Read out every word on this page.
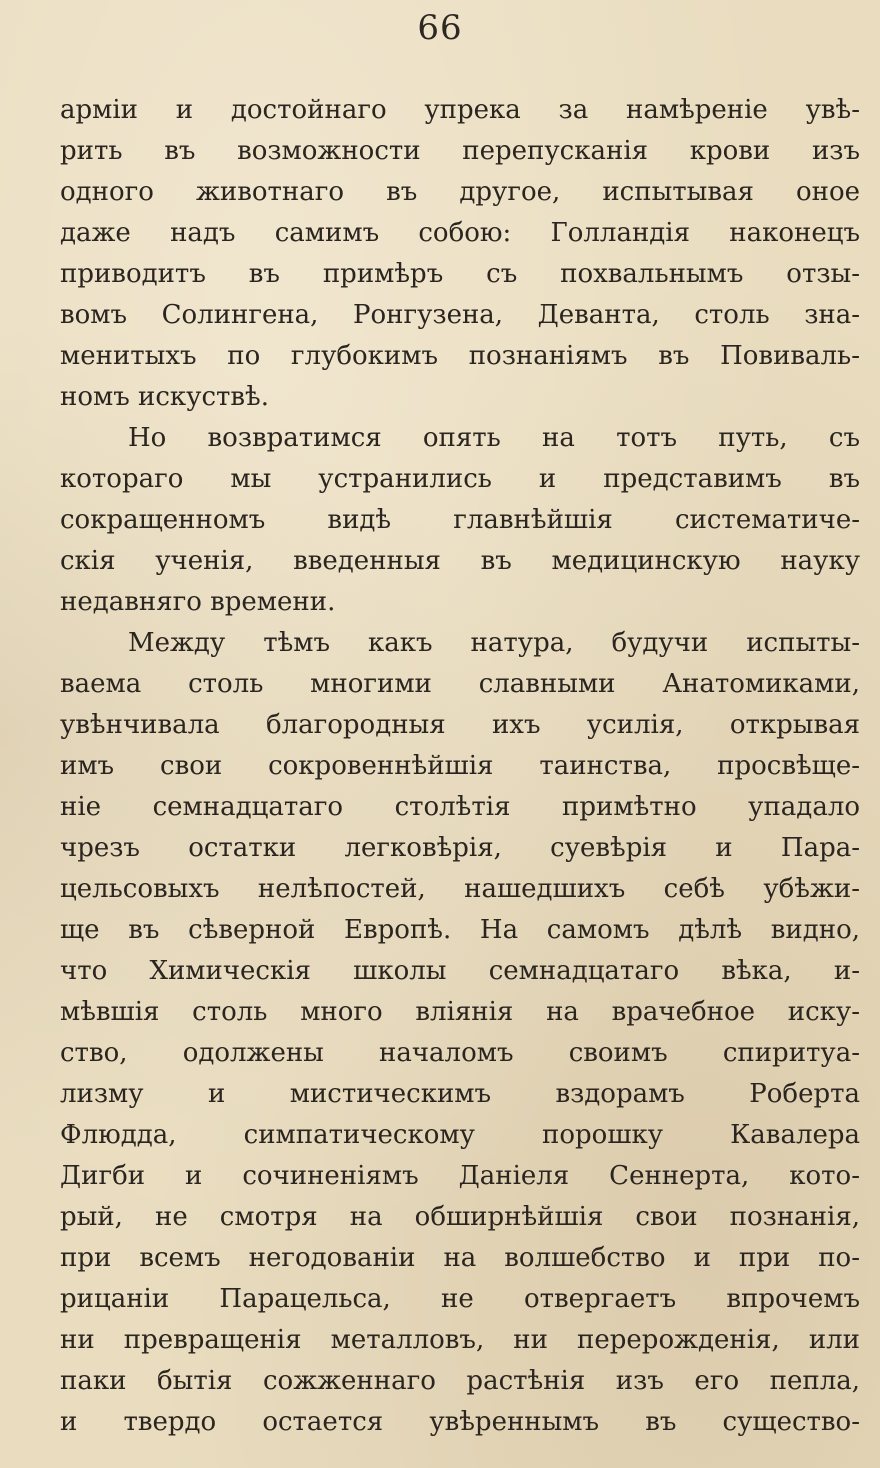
66
арміи и достойнаго упрека за намѣреніе увѣ-
рить въ возможности перепусканія крови изъ
одного животнаго въ другое, испытывая оное
даже надъ самимъ собою: Голландія наконецъ
приводитъ въ примѣръ съ похвальнымъ отзы-
вомъ Солингена, Ронгузена, Деванта, столь зна-
менитыхъ по глубокимъ познаніямъ въ Повиваль-
номъ искуствѣ.
Но возвратимся опять на тотъ путь, съ
котораго мы устранились и представимъ въ
сокращенномъ видѣ главнѣйшія систематиче-
скія ученія, введенныя въ медицинскую науку
недавняго времени.
Между тѣмъ какъ натура, будучи испыты-
ваема столь многими славными Анатомиками,
увѣнчивала благородныя ихъ усилія, открывая
имъ свои сокровеннѣйшія таинства, просвѣще-
ніе семнадцатаго столѣтія примѣтно упадало
чрезъ остатки легковѣрія, суевѣрія и Пара-
цельсовыхъ нелѣпостей, нашедшихъ себѣ убѣжи-
ще въ сѣверной Европѣ. На самомъ дѣлѣ видно,
что Химическія школы семнадцатаго вѣка, и-
мѣвшія столь много вліянія на врачебное иску-
ство, одолжены началомъ своимъ спиритуа-
лизму и мистическимъ вздорамъ Роберта
Флюдда, симпатическому порошку Кавалера
Дигби и сочиненіямъ Даніеля Сеннерта, кото-
рый, не смотря на обширнѣйшія свои познанія,
при всемъ негодованіи на волшебство и при по-
рицаніи Парацельса, не отвергаетъ впрочемъ
ни превращенія металловъ, ни перерожденія, или
паки бытія сожженнаго растѣнія изъ его пепла,
и твердо остается увѣреннымъ въ существо-
